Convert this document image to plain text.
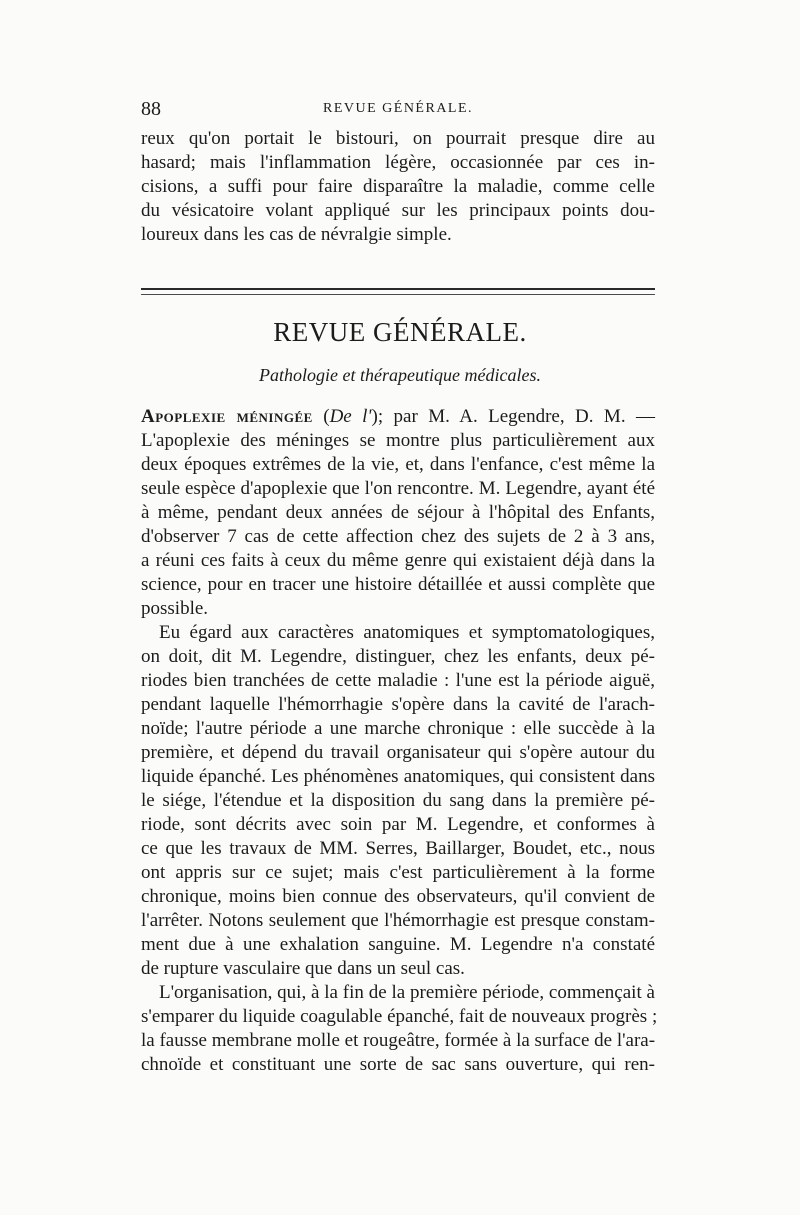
88	REVUE GÉNÉRALE.
reux qu'on portait le bistouri, on pourrait presque dire au
hasard; mais l'inflammation légère, occasionnée par ces in-
cisions, a suffi pour faire disparaître la maladie, comme celle
du vésicatoire volant appliqué sur les principaux points dou-
loureux dans les cas de névralgie simple.
REVUE GÉNÉRALE.
Pathologie et thérapeutique médicales.
Apoplexie méningée (De l'); par M. A. Legendre, D. M. —
L'apoplexie des méninges se montre plus particulièrement aux
deux époques extrêmes de la vie, et, dans l'enfance, c'est même la
seule espèce d'apoplexie que l'on rencontre. M. Legendre, ayant été
à même, pendant deux années de séjour à l'hôpital des Enfants,
d'observer 7 cas de cette affection chez des sujets de 2 à 3 ans,
a réuni ces faits à ceux du même genre qui existaient déjà dans la
science, pour en tracer une histoire détaillée et aussi complète que
possible.
Eu égard aux caractères anatomiques et symptomatologiques,
on doit, dit M. Legendre, distinguer, chez les enfants, deux pé-
riodes bien tranchées de cette maladie : l'une est la période aiguë,
pendant laquelle l'hémorrhagie s'opère dans la cavité de l'arach-
noïde; l'autre période a une marche chronique : elle succède à la
première, et dépend du travail organisateur qui s'opère autour du
liquide épanché. Les phénomènes anatomiques, qui consistent dans
le siége, l'étendue et la disposition du sang dans la première pé-
riode, sont décrits avec soin par M. Legendre, et conformes à
ce que les travaux de MM. Serres, Baillarger, Boudet, etc., nous
ont appris sur ce sujet; mais c'est particulièrement à la forme
chronique, moins bien connue des observateurs, qu'il convient de
l'arrêter. Notons seulement que l'hémorrhagie est presque constam-
ment due à une exhalation sanguine. M. Legendre n'a constaté
de rupture vasculaire que dans un seul cas.
L'organisation, qui, à la fin de la première période, commençait à
s'emparer du liquide coagulable épanché, fait de nouveaux progrès ;
la fausse membrane molle et rougeâtre, formée à la surface de l'ara-
chnoïde et constituant une sorte de sac sans ouverture, qui ren-
